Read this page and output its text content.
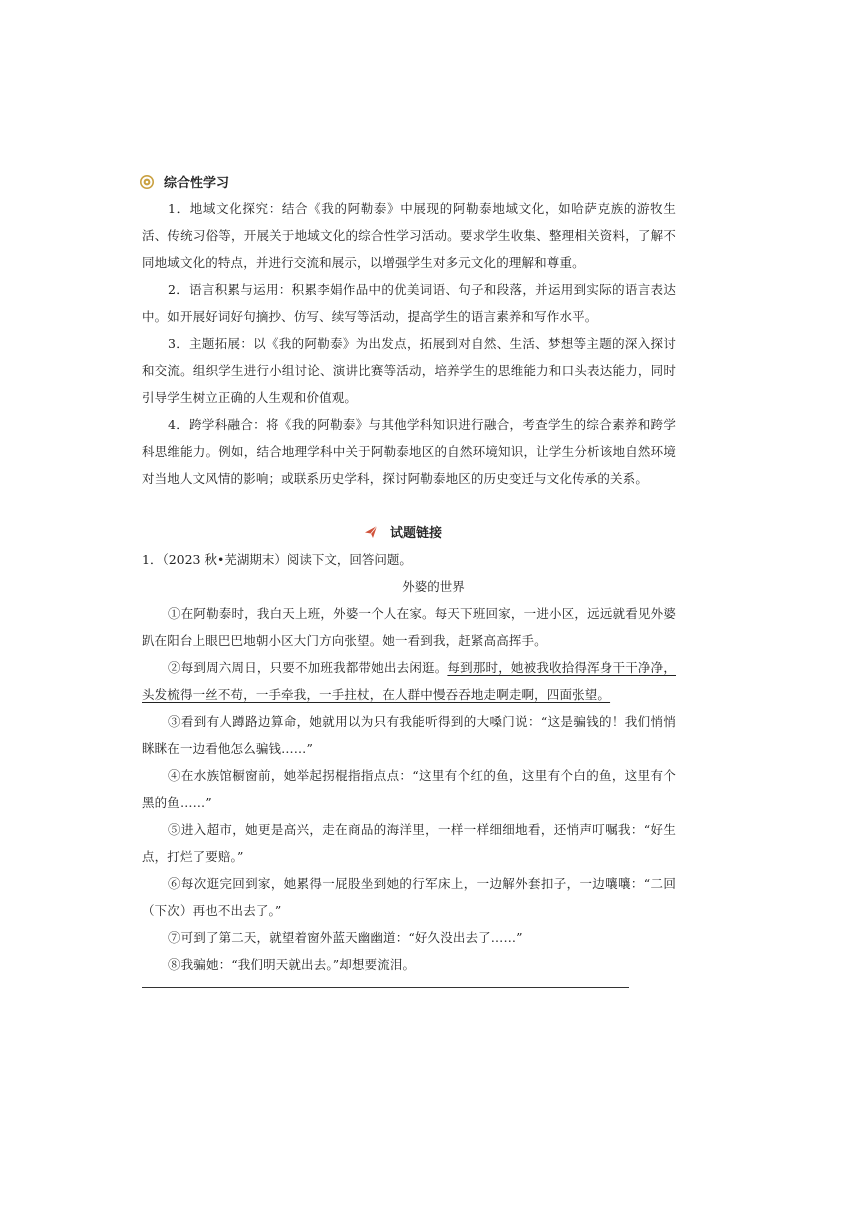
综合性学习

1．地域文化探究：结合《我的阿勒泰》中展现的阿勒泰地域文化，如哈萨克族的游牧生活、传统习俗等，开展关于地域文化的综合性学习活动。要求学生收集、整理相关资料，了解不同地域文化的特点，并进行交流和展示，以增强学生对多元文化的理解和尊重。

2．语言积累与运用：积累李娟作品中的优美词语、句子和段落，并运用到实际的语言表达中。如开展好词好句摘抄、仿写、续写等活动，提高学生的语言素养和写作水平。

3．主题拓展：以《我的阿勒泰》为出发点，拓展到对自然、生活、梦想等主题的深入探讨和交流。组织学生进行小组讨论、演讲比赛等活动，培养学生的思维能力和口头表达能力，同时引导学生树立正确的人生观和价值观。

4．跨学科融合：将《我的阿勒泰》与其他学科知识进行融合，考查学生的综合素养和跨学科思维能力。例如，结合地理学科中关于阿勒泰地区的自然环境知识，让学生分析该地自然环境对当地人文风情的影响；或联系历史学科，探讨阿勒泰地区的历史变迁与文化传承的关系。

试题链接

1．（2023 秋•芜湖期末）阅读下文，回答问题。

外婆的世界

①在阿勒泰时，我白天上班，外婆一个人在家。每天下班回家，一进小区，远远就看见外婆趴在阳台上眼巴巴地朝小区大门方向张望。她一看到我，赶紧高高挥手。

②每到周六周日，只要不加班我都带她出去闲逛。每到那时，她被我收拾得浑身干干净净，头发梳得一丝不苟，一手牵我，一手拄杖，在人群中慢吞吞地走啊走啊，四面张望。

③看到有人蹲路边算命，她就用以为只有我能听得到的大嗓门说：“这是骗钱的！我们悄悄眯眯在一边看他怎么骗钱……”

④在水族馆橱窗前，她举起拐棍指指点点：“这里有个红的鱼，这里有个白的鱼，这里有个黑的鱼……”

⑤进入超市，她更是高兴，走在商品的海洋里，一样一样细细地看，还悄声叮嘱我：“好生点，打烂了要赔。”

⑥每次逛完回到家，她累得一屁股坐到她的行军床上，一边解外套扣子，一边嚷嚷：“二回（下次）再也不出去了。”

⑦可到了第二天，就望着窗外蓝天幽幽道：“好久没出去了……”

⑧我骗她：“我们明天就出去。”却想要流泪。
